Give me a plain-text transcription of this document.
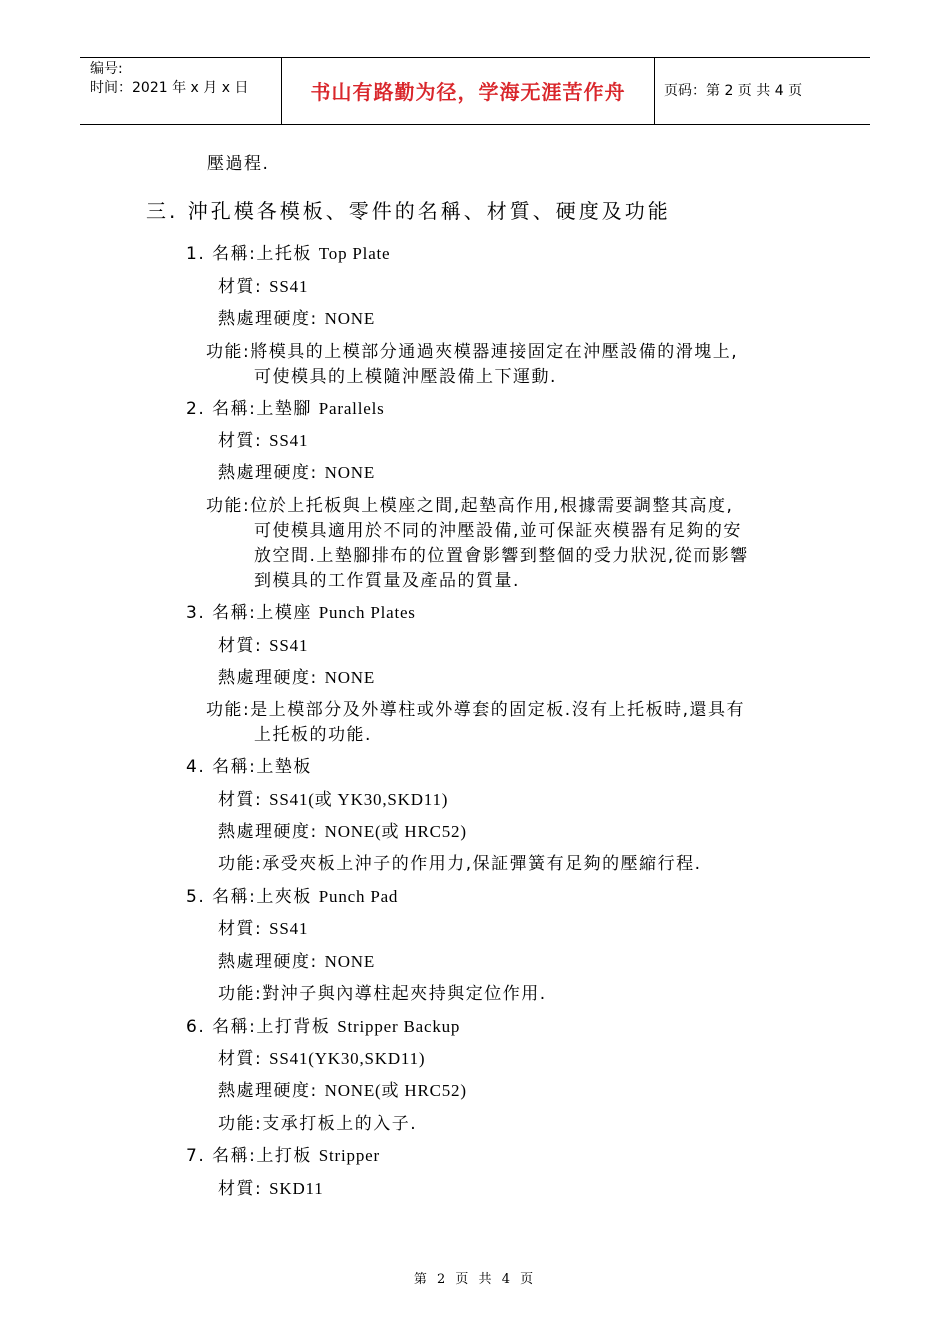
编号:
时间：2021 年 x 月 x 日	书山有路勤为径，学海无涯苦作舟	页码：第 2 页 共 4 页
壓過程.
三. 沖孔模各模板、零件的名稱、材質、硬度及功能
1. 名稱:上托板 Top Plate
材質: SS41
熱處理硬度: NONE
功能:將模具的上模部分通過夾模器連接固定在沖壓設備的滑塊上,
可使模具的上模隨沖壓設備上下運動.
2. 名稱:上墊腳 Parallels
材質: SS41
熱處理硬度: NONE
功能:位於上托板與上模座之間,起墊高作用,根據需要調整其高度,
可使模具適用於不同的沖壓設備,並可保証夾模器有足夠的安
放空間.上墊腳排布的位置會影響到整個的受力狀況,從而影響
到模具的工作質量及產品的質量.
3. 名稱:上模座 Punch Plates
材質: SS41
熱處理硬度: NONE
功能:是上模部分及外導柱或外導套的固定板.沒有上托板時,還具有
上托板的功能.
4. 名稱:上墊板
材質: SS41(或 YK30,SKD11)
熱處理硬度: NONE(或 HRC52)
功能:承受夾板上沖子的作用力,保証彈簧有足夠的壓縮行程.
5. 名稱:上夾板 Punch Pad
材質: SS41
熱處理硬度: NONE
功能:對沖子與內導柱起夾持與定位作用.
6. 名稱:上打背板 Stripper Backup
材質: SS41(YK30,SKD11)
熱處理硬度: NONE(或 HRC52)
功能:支承打板上的入子.
7. 名稱:上打板 Stripper
材質: SKD11
第 2 页 共 4 页
